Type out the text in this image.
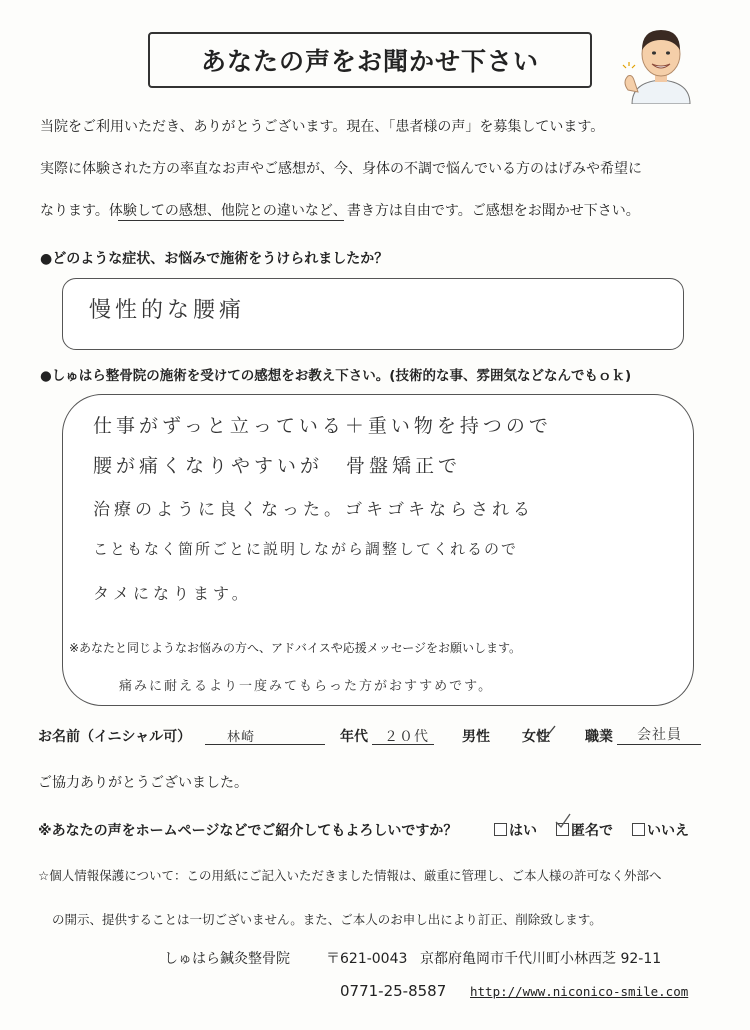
あなたの声をお聞かせ下さい
当院をご利用いただき、ありがとうございます。現在、「患者様の声」を募集しています。
実際に体験された方の率直なお声やご感想が、今、身体の不調で悩んでいる方のはげみや希望に
なります。体験しての感想、他院との違いなど、書き方は自由です。ご感想をお聞かせ下さい。
●どのような症状、お悩みで施術をうけられましたか？
慢性的な腰痛
●しゅはら整骨院の施術を受けての感想をお教え下さい。(技術的な事、雰囲気などなんでもｏｋ)
仕事がずっと立っている＋重い物を持つので
腰が痛くなりやすいが　骨盤矯正で
治療のように良くなった。ゴキゴキならされる
こともなく箇所ごとに説明しながら調整してくれるので
タメになります。
※あなたと同じようなお悩みの方へ、アドバイスや応援メッセージをお願いします。
痛みに耐えるより一度みてもらった方がおすすめです。
お名前（イニシャル可）	林崎	年代 ２０代 男性 女性	職業 会社員
ご協力ありがとうございました。
※あなたの声をホームページなどでご紹介してもよろしいですか？	はい	匿名で	いいえ
☆個人情報保護について：この用紙にご記入いただきました情報は、厳重に管理し、ご本人様の許可なく外部へ
の開示、提供することは一切ございません。また、ご本人のお申し出により訂正、削除致します。
しゅはら鍼灸整骨院	〒621-0043 京都府亀岡市千代川町小林西芝 92-11
0771-25-8587 http://www.niconico-smile.com
